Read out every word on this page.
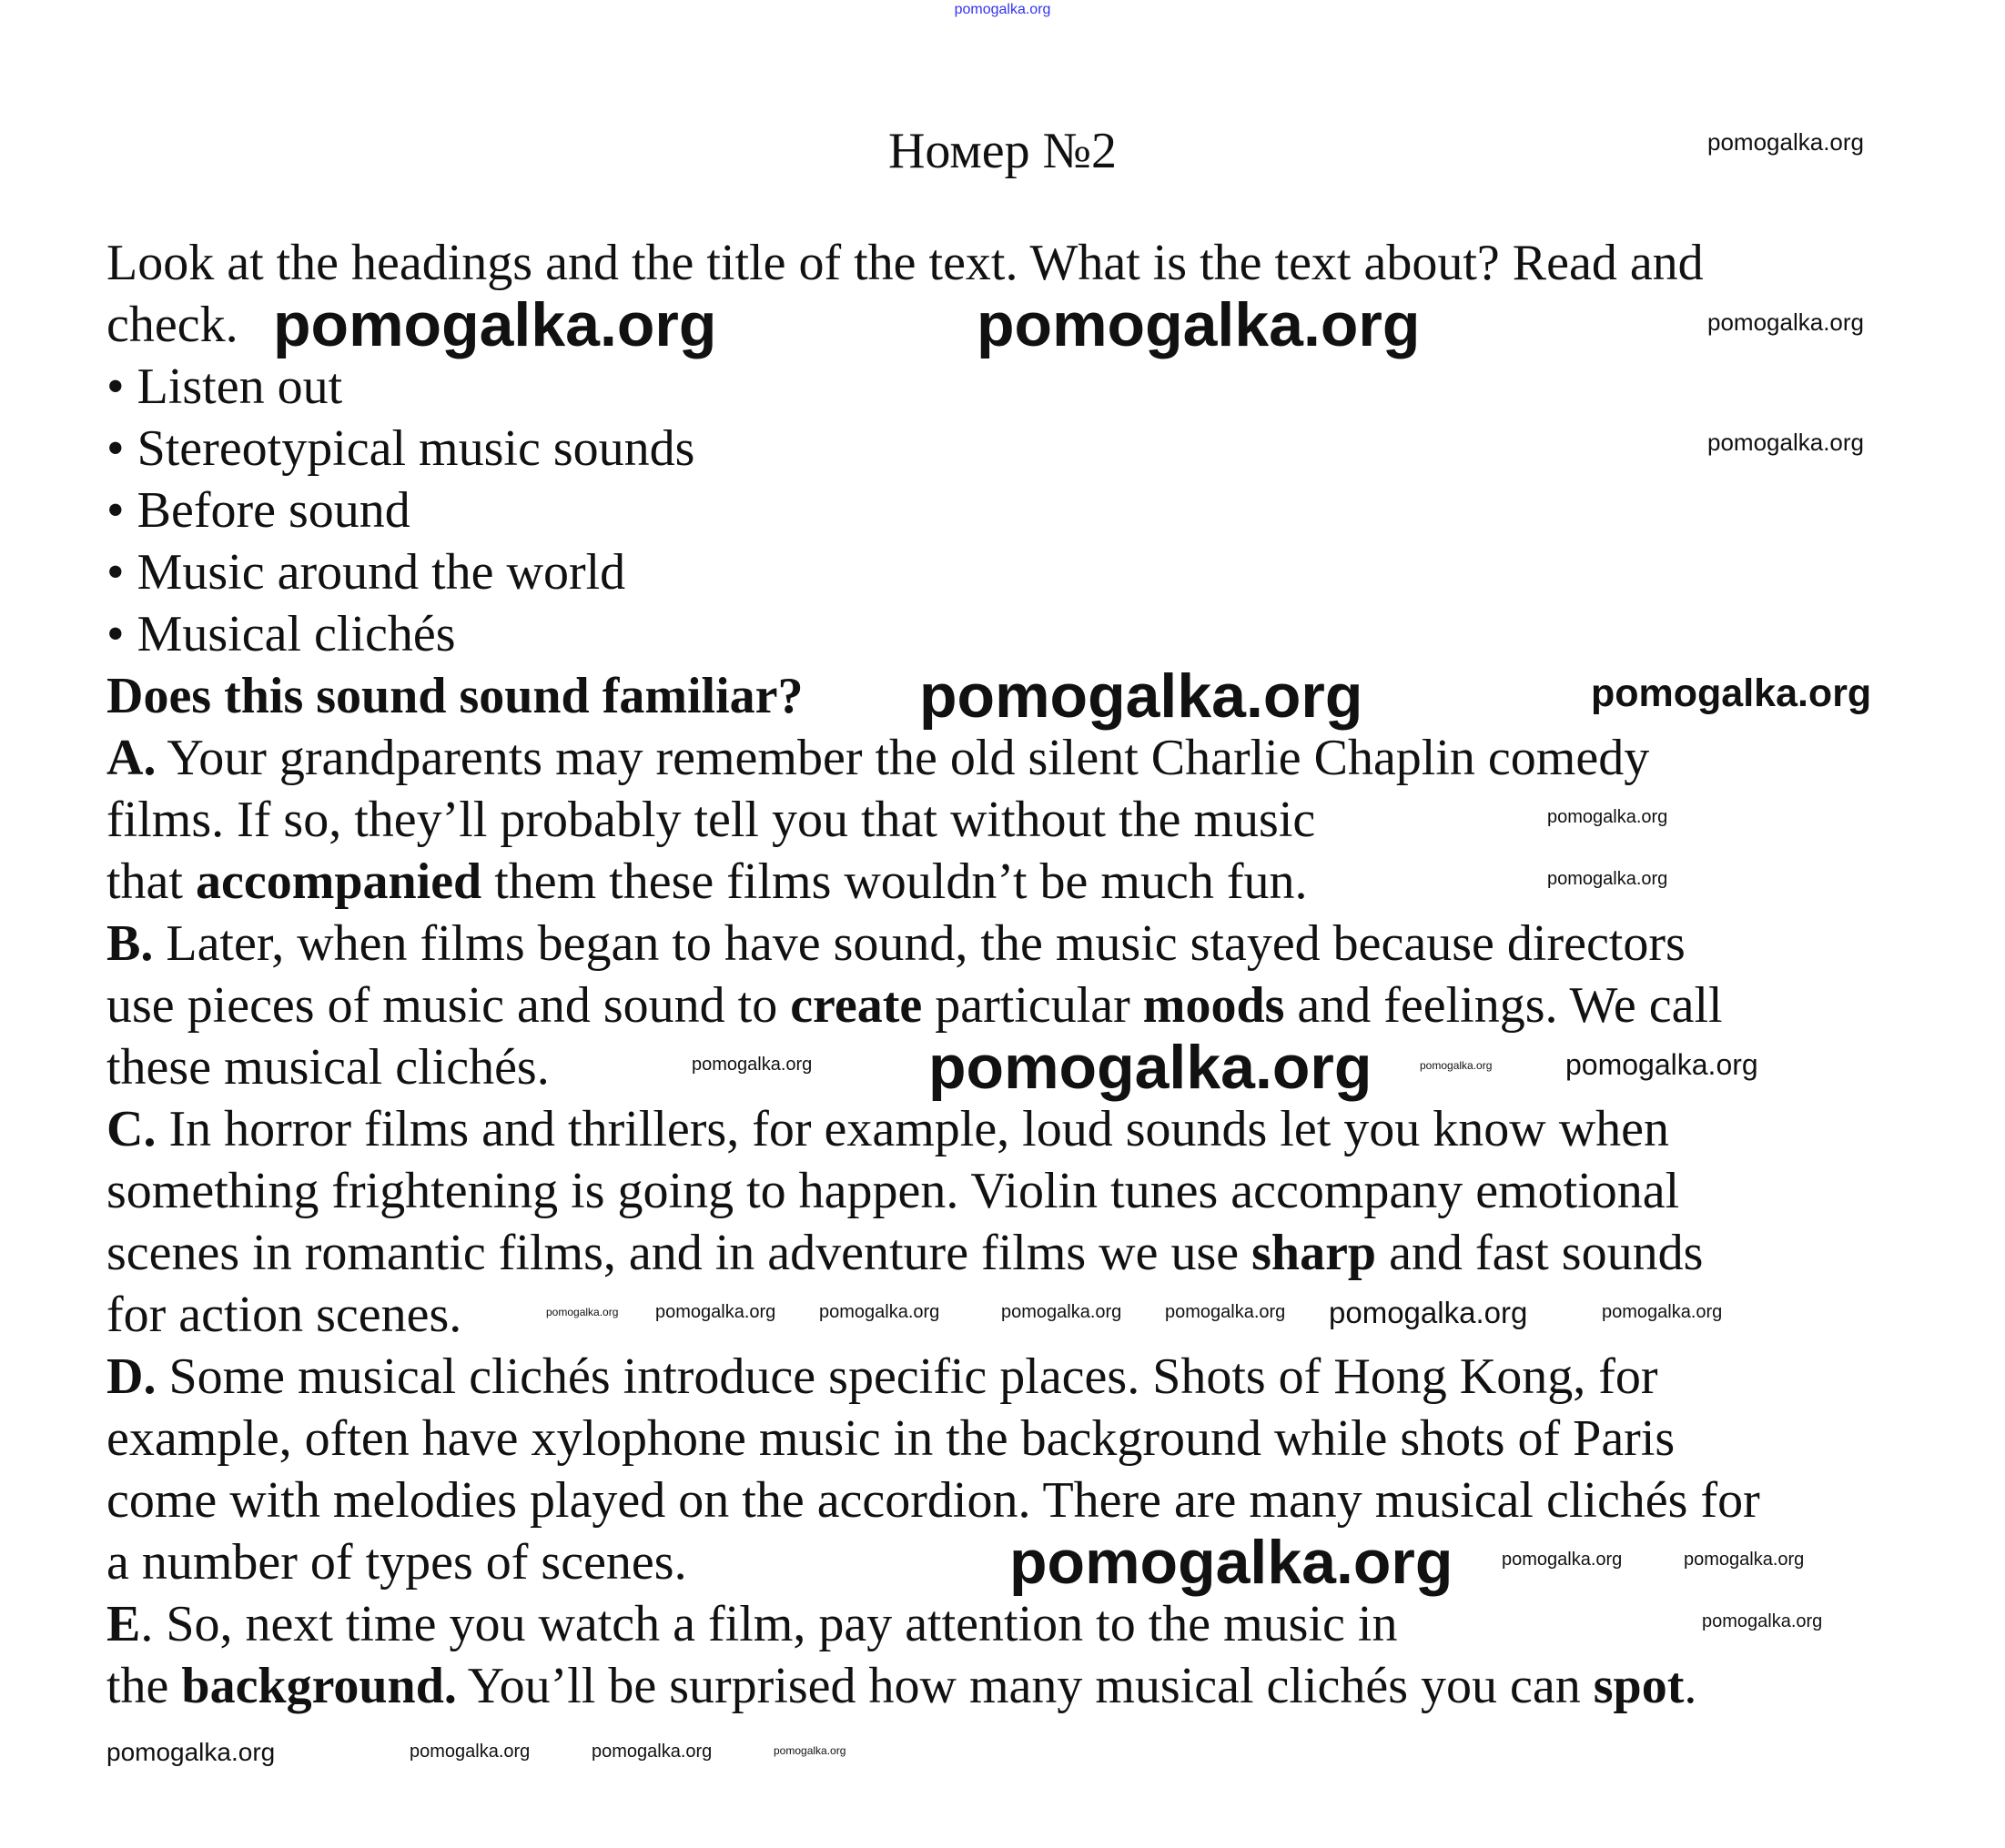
pomogalka.org
Номер №2
Look at the headings and the title of the text. What is the text about? Read and
check.
• Listen out
• Stereotypical music sounds
• Before sound
• Music around the world
• Musical clichés
Does this sound sound familiar?
A. Your grandparents may remember the old silent Charlie Chaplin comedy
films. If so, they’ll probably tell you that without the music
that accompanied them these films wouldn’t be much fun.
B. Later, when films began to have sound, the music stayed because directors
use pieces of music and sound to create particular moods and feelings. We call
these musical clichés.
C. In horror films and thrillers, for example, loud sounds let you know when
something frightening is going to happen. Violin tunes accompany emotional
scenes in romantic films, and in adventure films we use sharp and fast sounds
for action scenes.
D. Some musical clichés introduce specific places. Shots of Hong Kong, for
example, often have xylophone music in the background while shots of Paris
come with melodies played on the accordion. There are many musical clichés for
a number of types of scenes.
E. So, next time you watch a film, pay attention to the music in
the background. You’ll be surprised how many musical clichés you can spot.
pomogalka.org
pomogalka.org	pomogalka.org	pomogalka.org
pomogalka.org
pomogalka.org	pomogalka.org
pomogalka.org
pomogalka.org
pomogalka.org	pomogalka.org	pomogalka.org
pomogalka.org
pomogalka.org pomogalka.org pomogalka.org	pomogalka.org pomogalka.org pomogalka.org	pomogalka.org
pomogalka.org	pomogalka.org	pomogalka.org
pomogalka.org
pomogalka.org	pomogalka.org	pomogalka.org	pomogalka.org
